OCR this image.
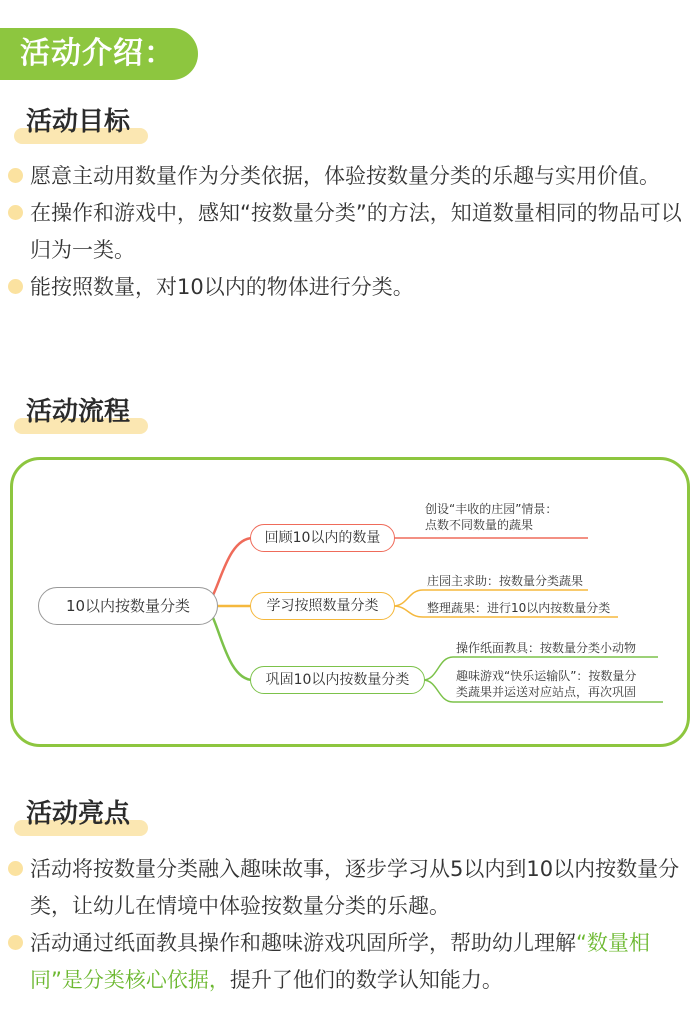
活动介绍：
活动目标
愿意主动用数量作为分类依据，体验按数量分类的乐趣与实用价值。
在操作和游戏中，感知“按数量分类”的方法，知道数量相同的物品可以归为一类。
能按照数量，对10以内的物体进行分类。
活动流程
10以内按数量分类
回顾10以内的数量
学习按照数量分类
巩固10以内按数量分类
创设“丰收的庄园”情景：
点数不同数量的蔬果
庄园主求助：按数量分类蔬果
整理蔬果：进行10以内按数量分类
操作纸面教具：按数量分类小动物
趣味游戏“快乐运输队”：按数量分
类蔬果并运送对应站点，再次巩固
活动亮点
活动将按数量分类融入趣味故事，逐步学习从5以内到10以内按数量分类，让幼儿在情境中体验按数量分类的乐趣。
活动通过纸面教具操作和趣味游戏巩固所学，帮助幼儿理解“数量相同”是分类核心依据，提升了他们的数学认知能力。
